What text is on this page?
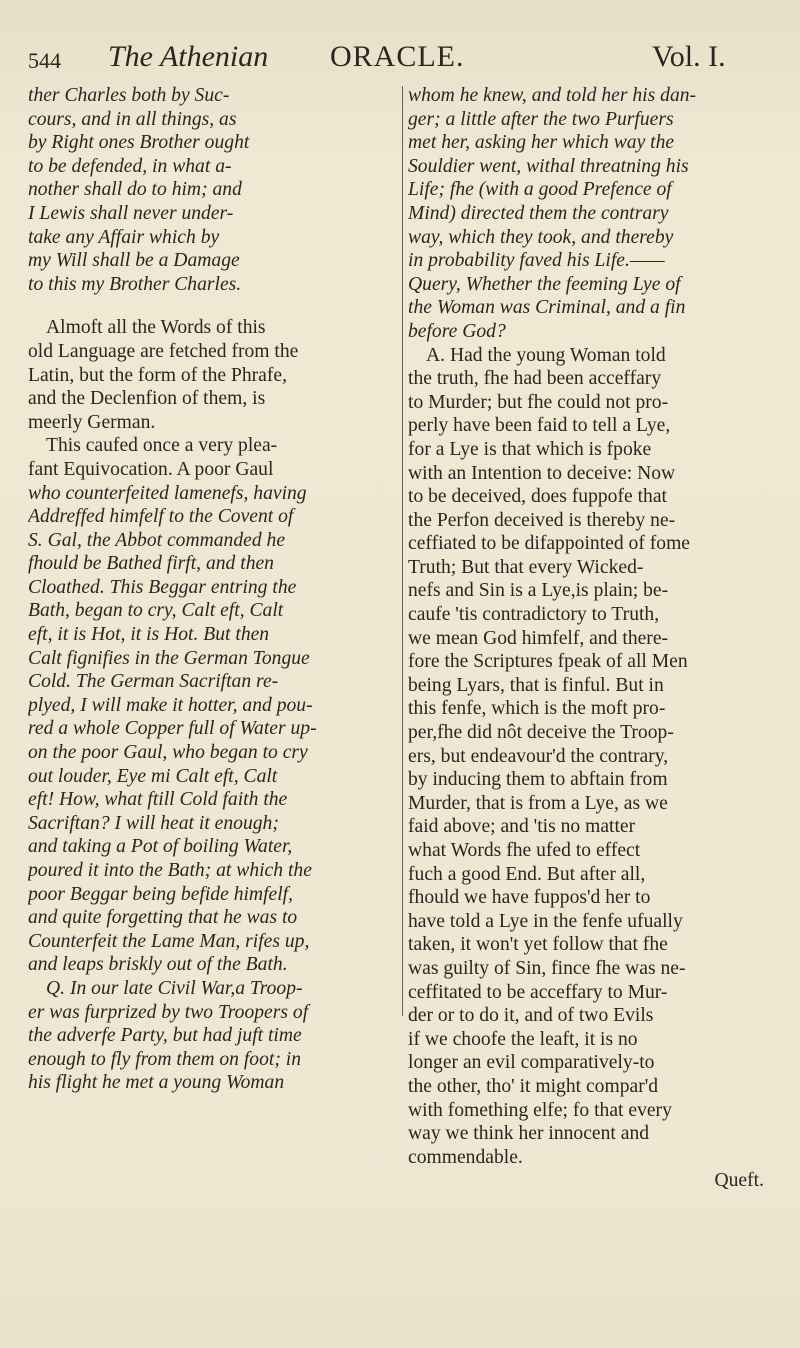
544 The Athenian ORACLE.	Vol. I.
ther Charles both by Suc-
cours, and in all things, as
by Right ones Brother ought
to be defended, in what a-
nother shall do to him; and
I Lewis shall never under-
take any Affair which by
my Will shall be a Damage
to this my Brother Charles.
Almoft all the Words of this
old Language are fetched from the
Latin, but the form of the Phrafe,
and the Declenfion of them, is
meerly German.
This caufed once a very plea-
fant Equivocation. A poor Gaul
who counterfeited lamenefs, having
Addreffed himfelf to the Covent of
S. Gal, the Abbot commanded he
fhould be Bathed firft, and then
Cloathed. This Beggar entring the
Bath, began to cry, Calt eft, Calt
eft, it is Hot, it is Hot. But then
Calt fignifies in the German Tongue
Cold. The German Sacriftan re-
plyed, I will make it hotter, and pou-
red a whole Copper full of Water up-
on the poor Gaul, who began to cry
out louder, Eye mi Calt eft, Calt
eft! How, what ftill Cold faith the
Sacriftan? I will heat it enough;
and taking a Pot of boiling Water,
poured it into the Bath; at which the
poor Beggar being befide himfelf,
and quite forgetting that he was to
Counterfeit the Lame Man, rifes up,
and leaps briskly out of the Bath.
Q. In our late Civil War,a Troop-
er was furprized by two Troopers of
the adverfe Party, but had juft time
enough to fly from them on foot; in
his flight he met a young Woman
whom he knew, and told her his dan-
ger; a little after the two Purfuers
met her, asking her which way the
Souldier went, withal threatning his
Life; fhe (with a good Prefence of
Mind) directed them the contrary
way, which they took, and thereby
in probability faved his Life.——
Query, Whether the feeming Lye of
the Woman was Criminal, and a fin
before God?
A. Had the young Woman told
the truth, fhe had been acceffary
to Murder; but fhe could not pro-
perly have been faid to tell a Lye,
for a Lye is that which is fpoke
with an Intention to deceive: Now
to be deceived, does fuppofe that
the Perfon deceived is thereby ne-
ceffiated to be difappointed of fome
Truth; But that every Wicked-
nefs and Sin is a Lye,is plain; be-
caufe 'tis contradictory to Truth,
we mean God himfelf, and there-
fore the Scriptures fpeak of all Men
being Lyars, that is finful. But in
this fenfe, which is the moft pro-
per,fhe did nôt deceive the Troop-
ers, but endeavour'd the contrary,
by inducing them to abftain from
Murder, that is from a Lye, as we
faid above; and 'tis no matter
what Words fhe ufed to effect
fuch a good End. But after all,
fhould we have fuppos'd her to
have told a Lye in the fenfe ufually
taken, it won't yet follow that fhe
was guilty of Sin, fince fhe was ne-
ceffitated to be acceffary to Mur-
der or to do it, and of two Evils
if we choofe the leaft, it is no
longer an evil comparatively-to
the other, tho' it might compar'd
with fomething elfe; fo that every
way we think her innocent and
commendable.
Queft.
